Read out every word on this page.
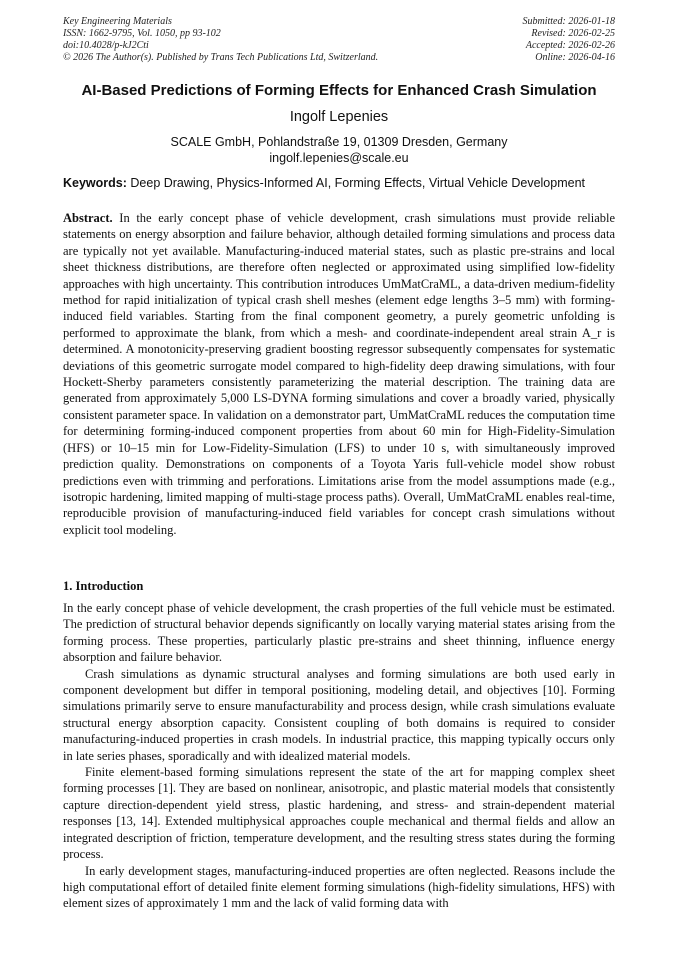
Key Engineering Materials
ISSN: 1662-9795, Vol. 1050, pp 93-102
doi:10.4028/p-kJ2Cti
© 2026 The Author(s). Published by Trans Tech Publications Ltd, Switzerland.
Submitted: 2026-01-18
Revised: 2026-02-25
Accepted: 2026-02-26
Online: 2026-04-16
AI-Based Predictions of Forming Effects for Enhanced Crash Simulation
Ingolf Lepenies
SCALE GmbH, Pohlandstraße 19, 01309 Dresden, Germany
ingolf.lepenies@scale.eu
Keywords: Deep Drawing, Physics-Informed AI, Forming Effects, Virtual Vehicle Development
Abstract. In the early concept phase of vehicle development, crash simulations must provide reliable statements on energy absorption and failure behavior, although detailed forming simulations and process data are typically not yet available. Manufacturing-induced material states, such as plastic pre-strains and local sheet thickness distributions, are therefore often neglected or approximated using simplified low-fidelity approaches with high uncertainty. This contribution introduces UmMatCraML, a data-driven medium-fidelity method for rapid initialization of typical crash shell meshes (element edge lengths 3–5 mm) with forming-induced field variables. Starting from the final component geometry, a purely geometric unfolding is performed to approximate the blank, from which a mesh- and coordinate-independent areal strain A_r is determined. A monotonicity-preserving gradient boosting regressor subsequently compensates for systematic deviations of this geometric surrogate model compared to high-fidelity deep drawing simulations, with four Hockett-Sherby parameters consistently parameterizing the material description. The training data are generated from approximately 5,000 LS-DYNA forming simulations and cover a broadly varied, physically consistent parameter space. In validation on a demonstrator part, UmMatCraML reduces the computation time for determining forming-induced component properties from about 60 min for High-Fidelity-Simulation (HFS) or 10–15 min for Low-Fidelity-Simulation (LFS) to under 10 s, with simultaneously improved prediction quality. Demonstrations on components of a Toyota Yaris full-vehicle model show robust predictions even with trimming and perforations. Limitations arise from the model assumptions made (e.g., isotropic hardening, limited mapping of multi-stage process paths). Overall, UmMatCraML enables real-time, reproducible provision of manufacturing-induced field variables for concept crash simulations without explicit tool modeling.
1. Introduction

In the early concept phase of vehicle development, the crash properties of the full vehicle must be estimated. The prediction of structural behavior depends significantly on locally varying material states arising from the forming process. These properties, particularly plastic pre-strains and sheet thinning, influence energy absorption and failure behavior.

Crash simulations as dynamic structural analyses and forming simulations are both used early in component development but differ in temporal positioning, modeling detail, and objectives [10]. Forming simulations primarily serve to ensure manufacturability and process design, while crash simulations evaluate structural energy absorption capacity. Consistent coupling of both domains is required to consider manufacturing-induced properties in crash models. In industrial practice, this mapping typically occurs only in late series phases, sporadically and with idealized material models.

Finite element-based forming simulations represent the state of the art for mapping complex sheet forming processes [1]. They are based on nonlinear, anisotropic, and plastic material models that consistently capture direction-dependent yield stress, plastic hardening, and stress- and strain-dependent material responses [13, 14]. Extended multiphysical approaches couple mechanical and thermal fields and allow an integrated description of friction, temperature development, and the resulting stress states during the forming process.

In early development stages, manufacturing-induced properties are often neglected. Reasons include the high computational effort of detailed finite element forming simulations (high-fidelity simulations, HFS) with element sizes of approximately 1 mm and the lack of valid forming data with
